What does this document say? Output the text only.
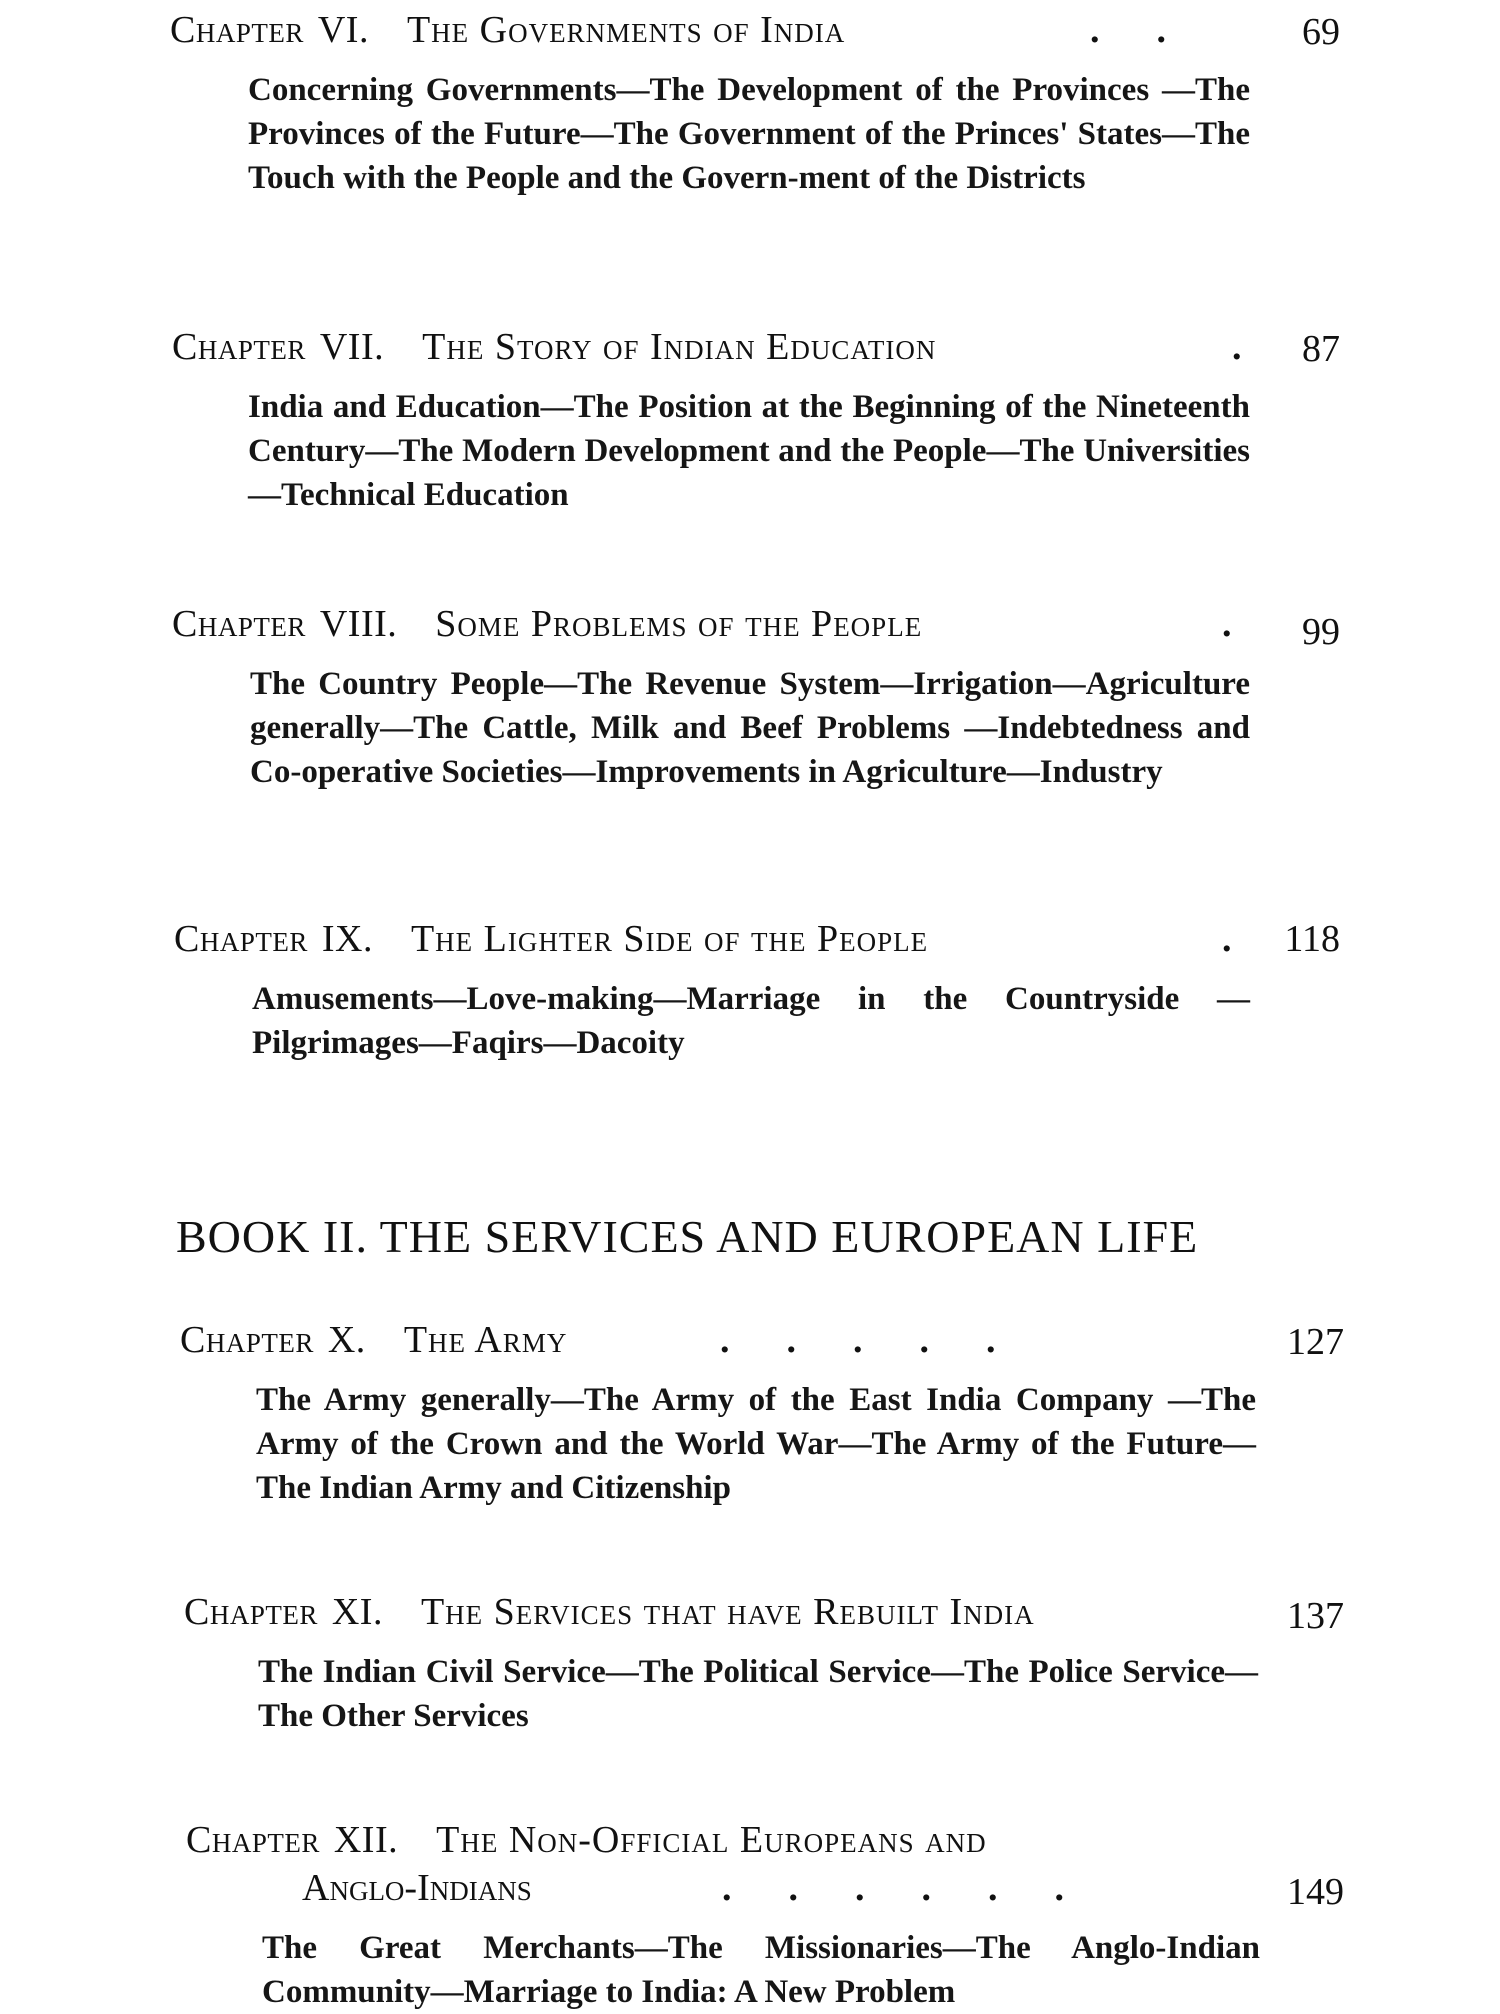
Chapter VI. The Governments of India	.      .	69
Concerning Governments—The Development of the Provinces —The Provinces of the Future—The Government of the Princes' States—The Touch with the People and the Govern-ment of the Districts
Chapter VII. The Story of Indian Education	. 87
India and Education—The Position at the Beginning of the Nineteenth Century—The Modern Development and the People—The Universities—Technical Education
Chapter VIII. Some Problems of the People	. 99
The Country People—The Revenue System—Irrigation—Agriculture generally—The Cattle, Milk and Beef Problems —Indebtedness and Co-operative Societies—Improvements in Agriculture—Industry
Chapter IX. The Lighter Side of the People	. 118
Amusements—Love-making—Marriage in the Countryside —Pilgrimages—Faqirs—Dacoity
BOOK II. THE SERVICES AND EUROPEAN LIFE
Chapter X. The Army	.      .      .      .      .	127
The Army generally—The Army of the East India Company —The Army of the Crown and the World War—The Army of the Future—The Indian Army and Citizenship
Chapter XI. The Services that have Rebuilt India	137
The Indian Civil Service—The Political Service—The Police Service—The Other Services
Chapter XII. The Non-Official Europeans and
Anglo-Indians	.      .      .      .      .      .	149
The Great Merchants—The Missionaries—The Anglo-Indian Community—Marriage to India: A New Problem
